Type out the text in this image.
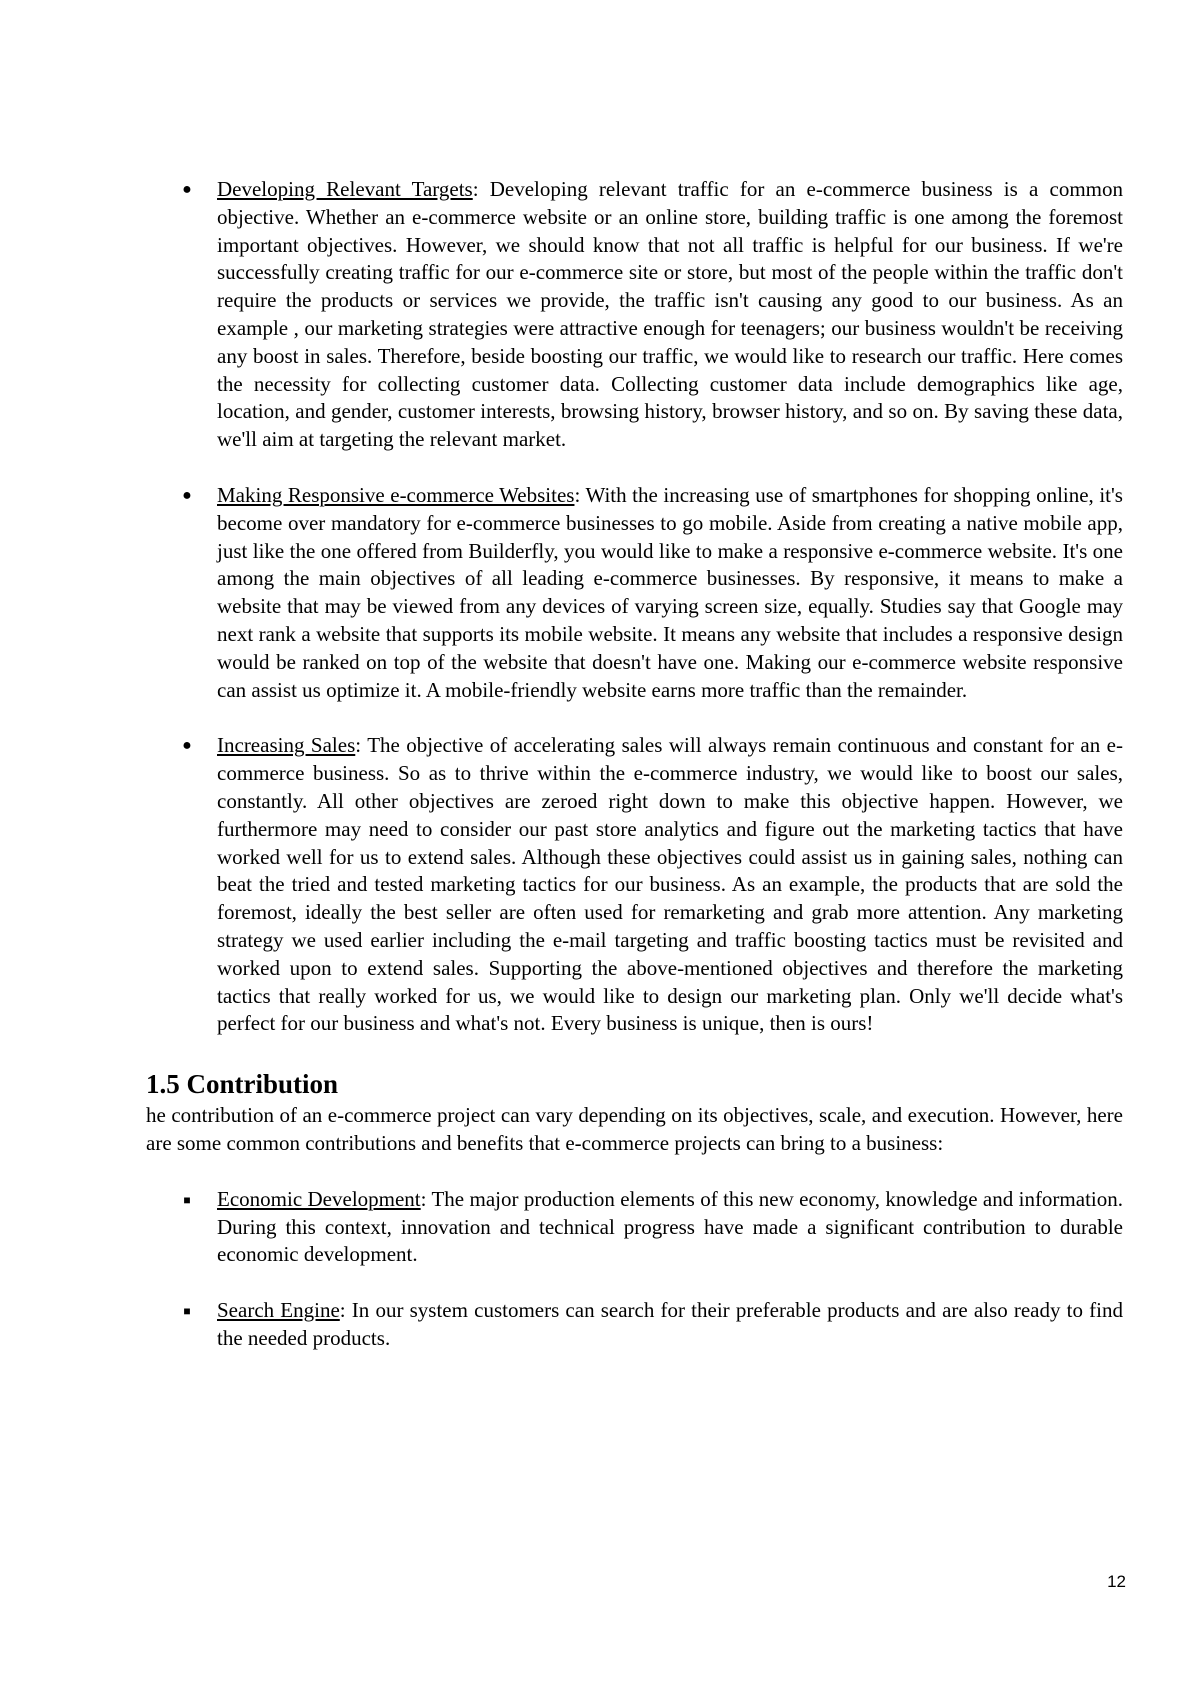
● Developing Relevant Targets: Developing relevant traffic for an e-commerce business is a common objective. Whether an e-commerce website or an online store, building traffic is one among the foremost important objectives. However, we should know that not all traffic is helpful for our business. If we're successfully creating traffic for our e-commerce site or store, but most of the people within the traffic don't require the products or services we provide, the traffic isn't causing any good to our business. As an example , our marketing strategies were attractive enough for teenagers; our business wouldn't be receiving any boost in sales. Therefore, beside boosting our traffic, we would like to research our traffic. Here comes the necessity for collecting customer data. Collecting customer data include demographics like age, location, and gender, customer interests, browsing history, browser history, and so on. By saving these data, we'll aim at targeting the relevant market.
● Making Responsive e-commerce Websites: With the increasing use of smartphones for shopping online, it's become over mandatory for e-commerce businesses to go mobile. Aside from creating a native mobile app, just like the one offered from Builderfly, you would like to make a responsive e-commerce website. It's one among the main objectives of all leading e-commerce businesses. By responsive, it means to make a website that may be viewed from any devices of varying screen size, equally. Studies say that Google may next rank a website that supports its mobile website. It means any website that includes a responsive design would be ranked on top of the website that doesn't have one. Making our e-commerce website responsive can assist us optimize it. A mobile-friendly website earns more traffic than the remainder.
● Increasing Sales: The objective of accelerating sales will always remain continuous and constant for an e-commerce business. So as to thrive within the e-commerce industry, we would like to boost our sales, constantly. All other objectives are zeroed right down to make this objective happen. However, we furthermore may need to consider our past store analytics and figure out the marketing tactics that have worked well for us to extend sales. Although these objectives could assist us in gaining sales, nothing can beat the tried and tested marketing tactics for our business. As an example, the products that are sold the foremost, ideally the best seller are often used for remarketing and grab more attention. Any marketing strategy we used earlier including the e-mail targeting and traffic boosting tactics must be revisited and worked upon to extend sales. Supporting the above-mentioned objectives and therefore the marketing tactics that really worked for us, we would like to design our marketing plan. Only we'll decide what's perfect for our business and what's not. Every business is unique, then is ours!
1.5 Contribution

he contribution of an e-commerce project can vary depending on its objectives, scale, and execution. However, here are some common contributions and benefits that e-commerce projects can bring to a business:

■ Economic Development: The major production elements of this new economy, knowledge and information. During this context, innovation and technical progress have made a significant contribution to durable economic development.
■ Search Engine: In our system customers can search for their preferable products and are also ready to find the needed products.
12
